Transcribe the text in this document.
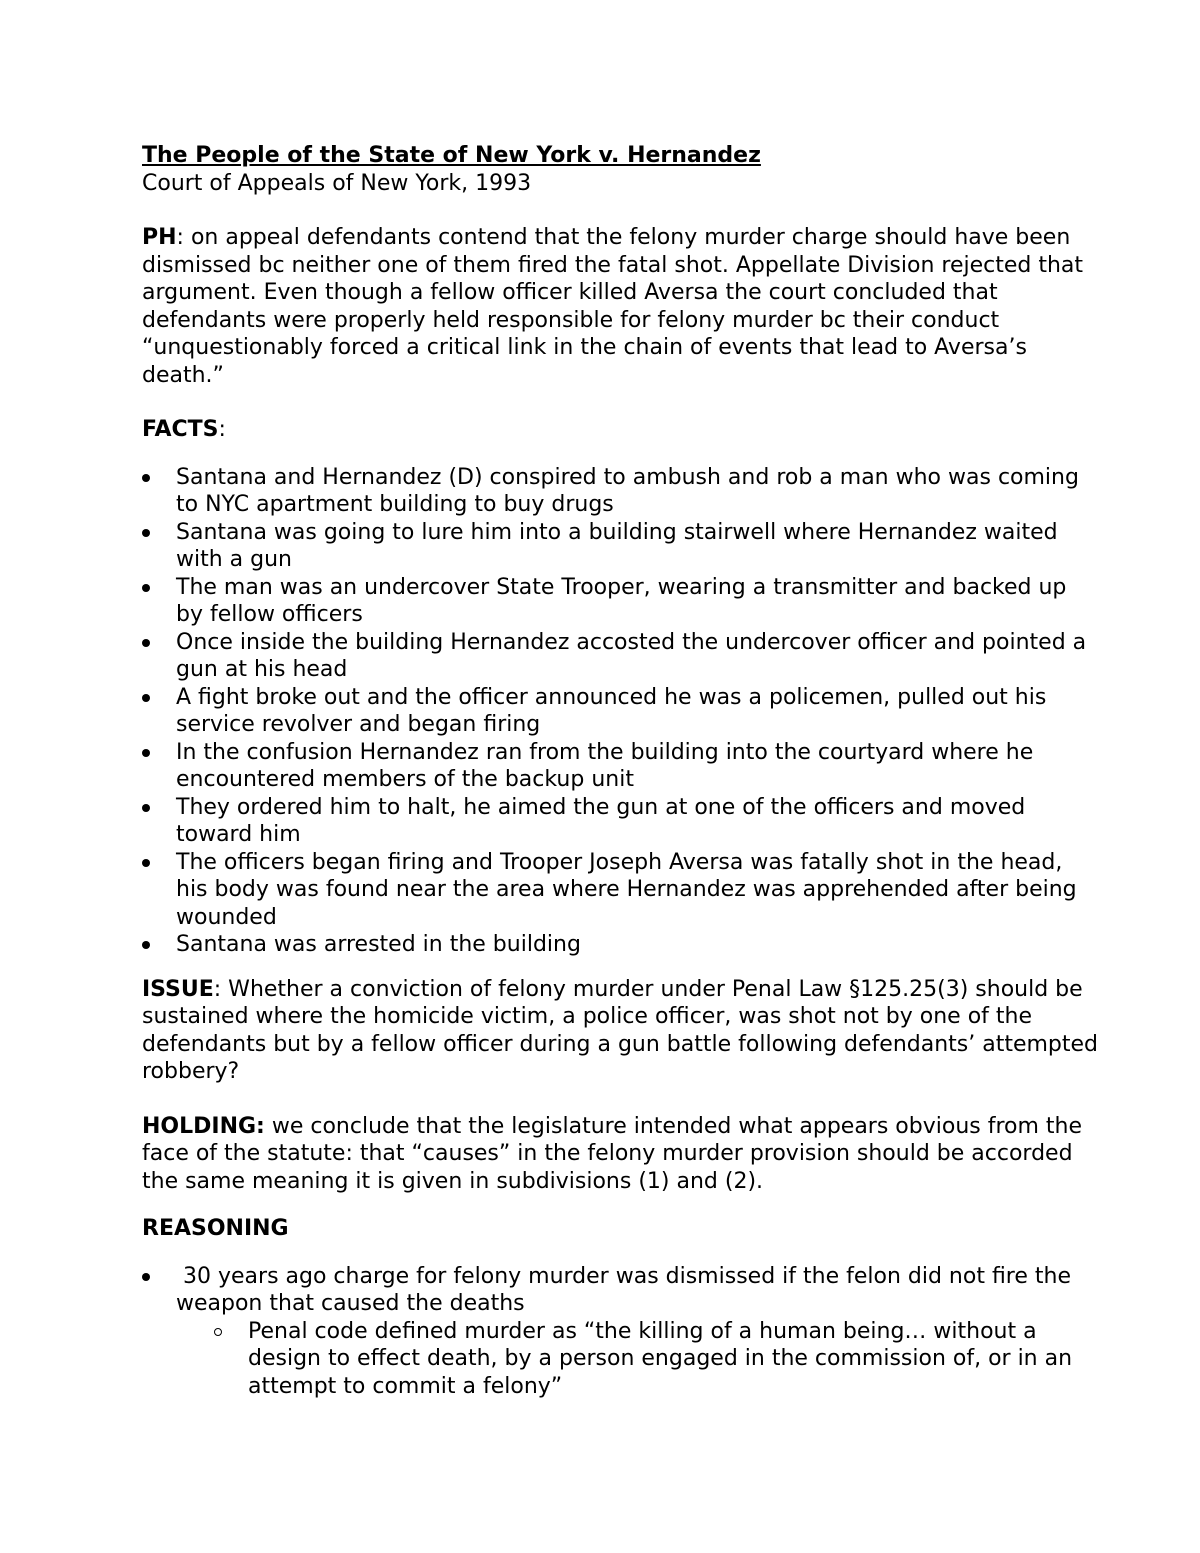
The People of the State of New York v. Hernandez

Court of Appeals of New York, 1993

PH: on appeal defendants contend that the felony murder charge should have been dismissed bc neither one of them fired the fatal shot. Appellate Division rejected that argument. Even though a fellow officer killed Aversa the court concluded that defendants were properly held responsible for felony murder bc their conduct “unquestionably forced a critical link in the chain of events that lead to Aversa’s death.”

FACTS:

Santana and Hernandez (D) conspired to ambush and rob a man who was coming to NYC apartment building to buy drugs
Santana was going to lure him into a building stairwell where Hernandez waited with a gun
The man was an undercover State Trooper, wearing a transmitter and backed up by fellow officers
Once inside the building Hernandez accosted the undercover officer and pointed a gun at his head
A fight broke out and the officer announced he was a policemen, pulled out his service revolver and began firing
In the confusion Hernandez ran from the building into the courtyard where he encountered members of the backup unit
They ordered him to halt, he aimed the gun at one of the officers and moved toward him
The officers began firing and Trooper Joseph Aversa was fatally shot in the head, his body was found near the area where Hernandez was apprehended after being wounded
Santana was arrested in the building

ISSUE: Whether a conviction of felony murder under Penal Law §125.25(3) should be sustained where the homicide victim, a police officer, was shot not by one of the defendants but by a fellow officer during a gun battle following defendants’ attempted robbery?

HOLDING: we conclude that the legislature intended what appears obvious from the face of the statute: that “causes” in the felony murder provision should be accorded the same meaning it is given in subdivisions (1) and (2).

REASONING

30 years ago charge for felony murder was dismissed if the felon did not fire the weapon that caused the deaths
Penal code defined murder as “the killing of a human being… without a design to effect death, by a person engaged in the commission of, or in an attempt to commit a felony”
